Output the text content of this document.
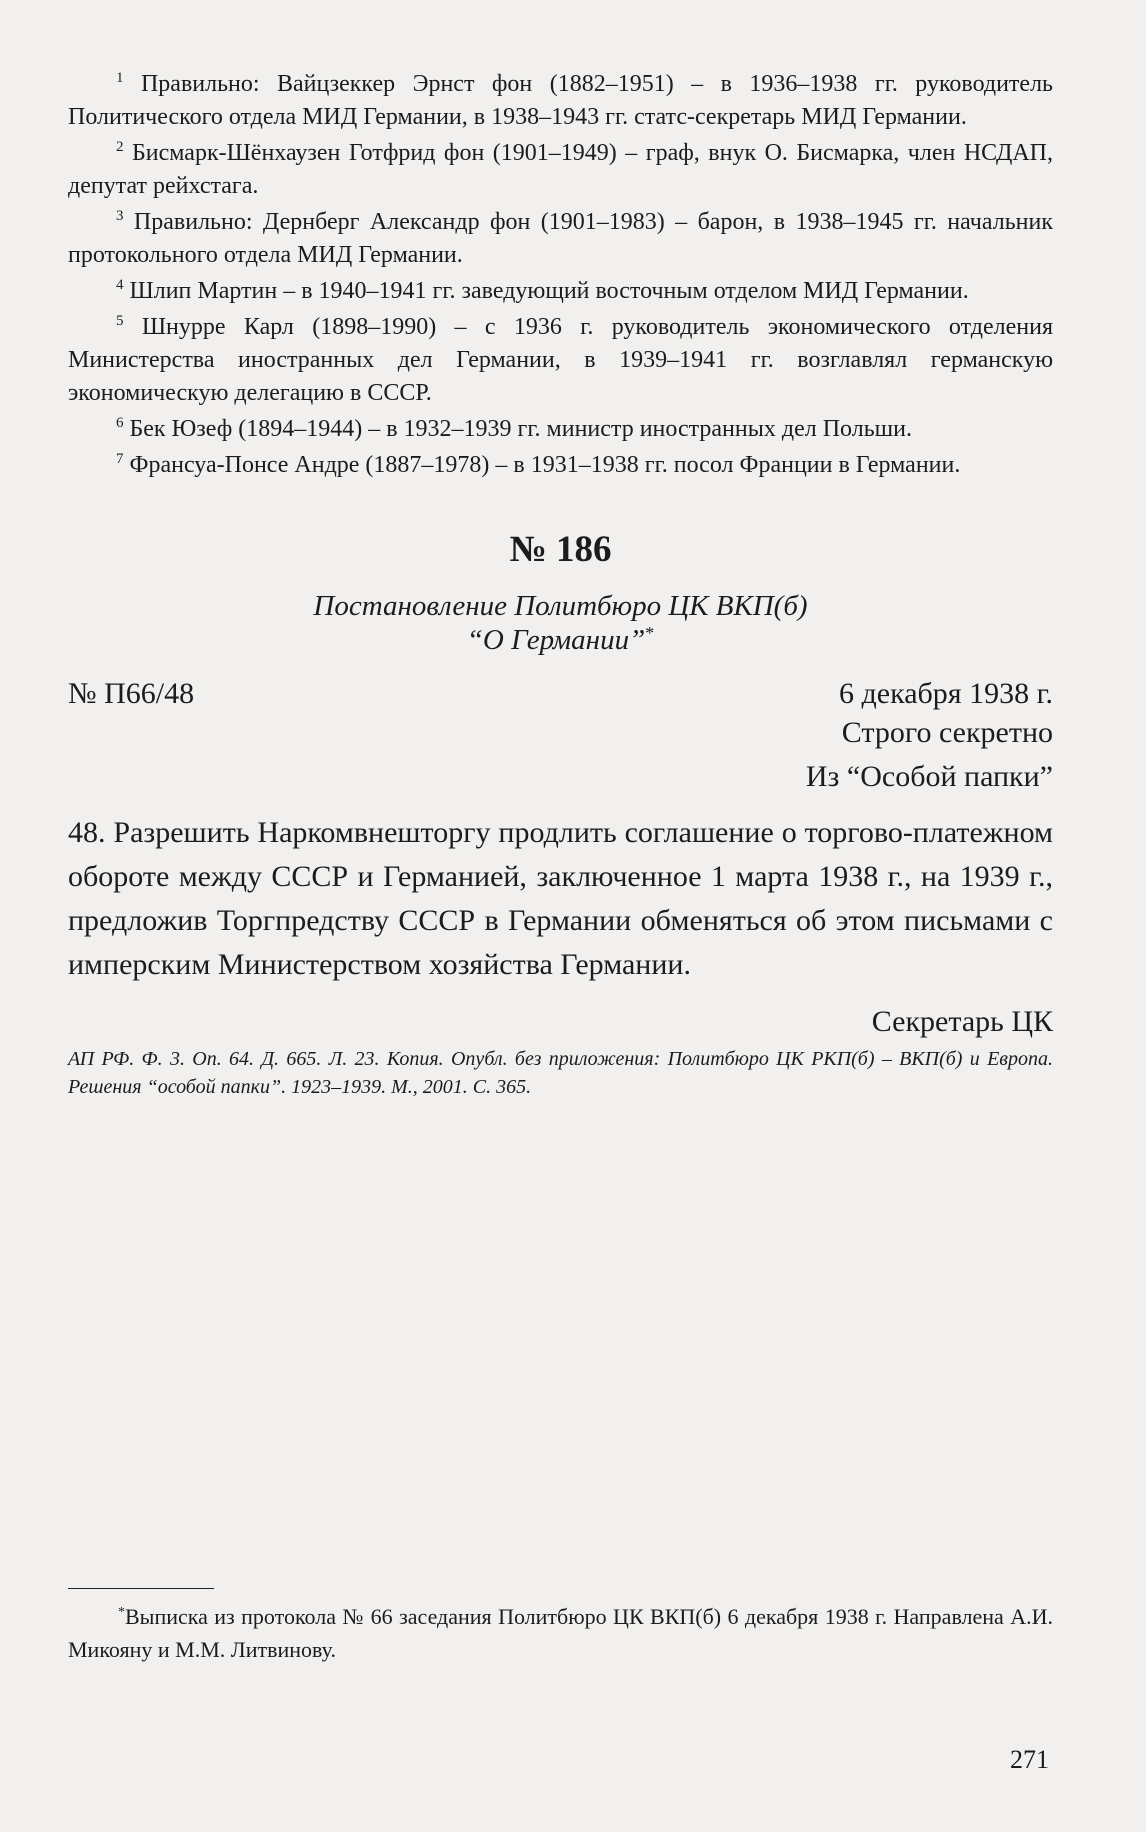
$^1$ Правильно: Вайцзеккер Эрнст фон (1882–1951) – в 1936–1938 гг. руководитель Политического отдела МИД Германии, в 1938–1943 гг. статс-секретарь МИД Германии.

$^2$ Бисмарк-Шёнхаузен Готфрид фон (1901–1949) – граф, внук О. Бисмарка, член НСДАП, депутат рейхстага.

$^3$ Правильно: Дернберг Александр фон (1901–1983) – барон, в 1938–1945 гг. начальник протокольного отдела МИД Германии.

$^4$ Шлип Мартин – в 1940–1941 гг. заведующий восточным отделом МИД Германии.

$^5$ Шнурре Карл (1898–1990) – с 1936 г. руководитель экономического отделения Министерства иностранных дел Германии, в 1939–1941 гг. возглавлял германскую экономическую делегацию в СССР.

$^6$ Бек Юзеф (1894–1944) – в 1932–1939 гг. министр иностранных дел Польши.

$^7$ Франсуа-Понсе Андре (1887–1978) – в 1931–1938 гг. посол Франции в Германии.

№ 186
Постановление Политбюро ЦК ВКП(б)
“О Германии”*
№ П66/48	6 декабря 1938 г.
Строго секретно
Из “Особой папки”

48. Разрешить Наркомвнешторгу продлить соглашение о торгово-платежном обороте между СССР и Германией, заключенное 1 марта 1938 г., на 1939 г., предложив Торгпредству СССР в Германии обменяться об этом письмами с имперским Министерством хозяйства Германии.

Секретарь ЦК
АП РФ. Ф. 3. Оп. 64. Д. 665. Л. 23. Копия. Опубл. без приложения: Политбюро ЦК РКП(б) – ВКП(б) и Европа. Решения “особой папки”. 1923–1939. М., 2001. С. 365.

*Выписка из протокола № 66 заседания Политбюро ЦК ВКП(б) 6 декабря 1938 г. Направлена А.И. Микояну и М.М. Литвинову.

271
